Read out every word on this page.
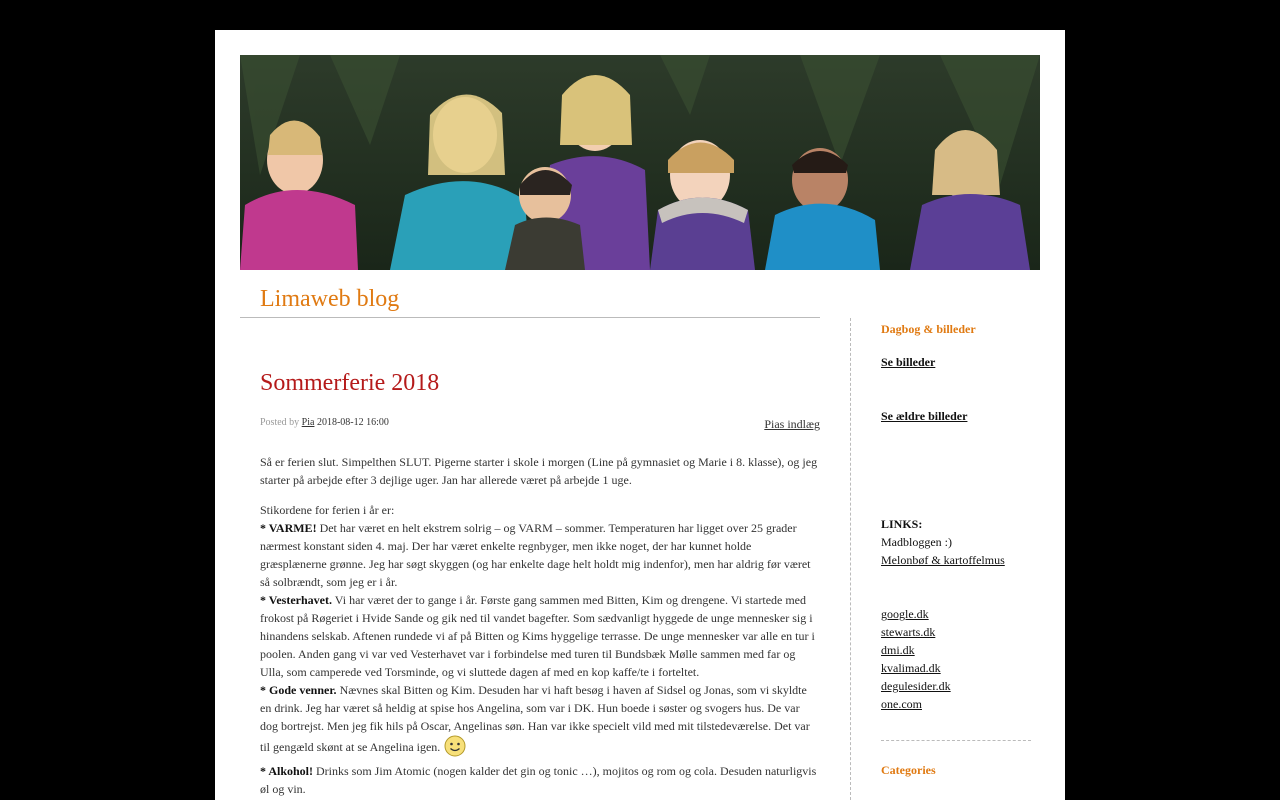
Limaweb blog
Sommerferie 2018
Posted by Pia 2018-08-12 16:00	Pias indlæg

Så er ferien slut. Simpelthen SLUT. Pigerne starter i skole i morgen (Line på gymnasiet og Marie i 8. klasse), og jeg starter på arbejde efter 3 dejlige uger. Jan har allerede været på arbejde 1 uge.

Stikordene for ferien i år er:
* VARME! Det har været en helt ekstrem solrig – og VARM – sommer. Temperaturen har ligget over 25 grader nærmest konstant siden 4. maj. Der har været enkelte regnbyger, men ikke noget, der har kunnet holde græsplænerne grønne. Jeg har søgt skyggen (og har enkelte dage helt holdt mig indenfor), men har aldrig før været så solbrændt, som jeg er i år.
* Vesterhavet. Vi har været der to gange i år. Første gang sammen med Bitten, Kim og drengene. Vi startede med frokost på Røgeriet i Hvide Sande og gik ned til vandet bagefter. Som sædvanligt hyggede de unge mennesker sig i hinandens selskab. Aftenen rundede vi af på Bitten og Kims hyggelige terrasse. De unge mennesker var alle en tur i poolen. Anden gang vi var ved Vesterhavet var i forbindelse med turen til Bundsbæk Mølle sammen med far og Ulla, som camperede ved Torsminde, og vi sluttede dagen af med en kop kaffe/te i forteltet.
* Gode venner. Nævnes skal Bitten og Kim. Desuden har vi haft besøg i haven af Sidsel og Jonas, som vi skyldte en drink. Jeg har været så heldig at spise hos Angelina, som var i DK. Hun boede i søster og svogers hus. De var dog bortrejst. Men jeg fik hils på Oscar, Angelinas søn. Han var ikke specielt vild med mit tilstedeværelse. Det var til gengæld skønt at se Angelina igen.
* Alkohol! Drinks som Jim Atomic (nogen kalder det gin og tonic …), mojitos og rom og cola. Desuden naturligvis øl og vin.
Dagbog & billeder
Se billeder
Se ældre billeder
LINKS:
Madbloggen :)
Melonbøf & kartoffelmus
google.dk
stewarts.dk
dmi.dk
kvalimad.dk
degulesider.dk
one.com
Categories
